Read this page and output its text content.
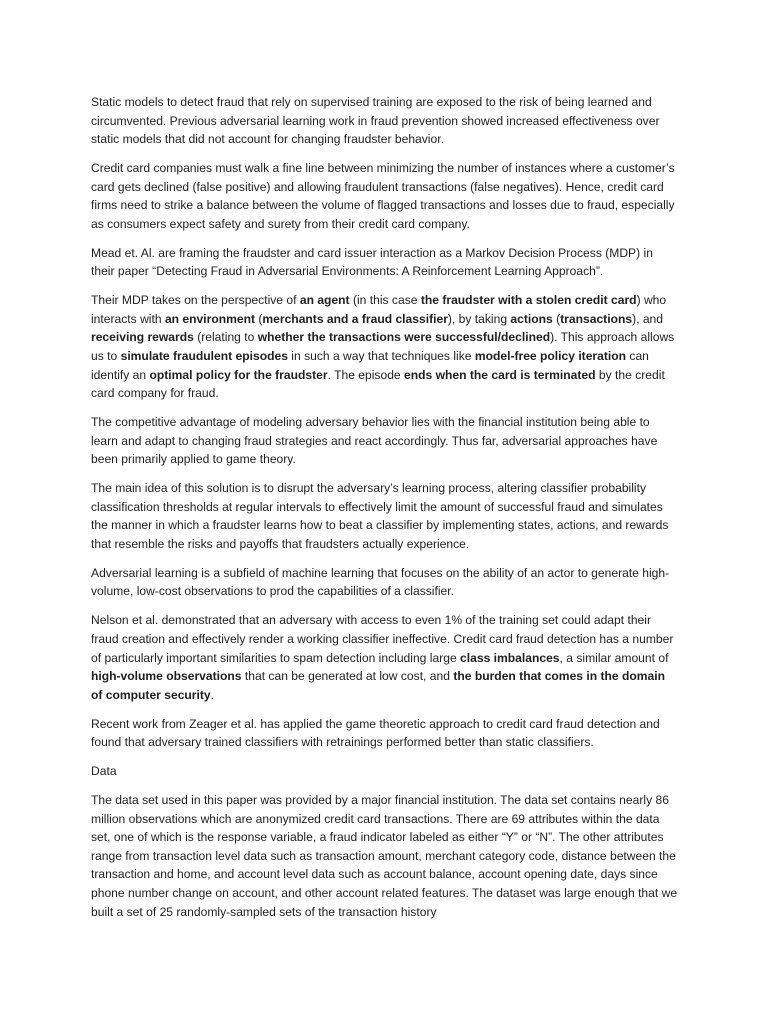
Static models to detect fraud that rely on supervised training are exposed to the risk of being learned and circumvented. Previous adversarial learning work in fraud prevention showed increased effectiveness over static models that did not account for changing fraudster behavior.

Credit card companies must walk a fine line between minimizing the number of instances where a customer’s card gets declined (false positive) and allowing fraudulent transactions (false negatives). Hence, credit card firms need to strike a balance between the volume of flagged transactions and losses due to fraud, especially as consumers expect safety and surety from their credit card company.

Mead et. Al. are framing the fraudster and card issuer interaction as a Markov Decision Process (MDP) in their paper “Detecting Fraud in Adversarial Environments: A Reinforcement Learning Approach”.

Their MDP takes on the perspective of an agent (in this case the fraudster with a stolen credit card) who interacts with an environment (merchants and a fraud classifier), by taking actions (transactions), and receiving rewards (relating to whether the transactions were successful/declined). This approach allows us to simulate fraudulent episodes in such a way that techniques like model-free policy iteration can identify an optimal policy for the fraudster. The episode ends when the card is terminated by the credit card company for fraud.

The competitive advantage of modeling adversary behavior lies with the financial institution being able to learn and adapt to changing fraud strategies and react accordingly. Thus far, adversarial approaches have been primarily applied to game theory.

The main idea of this solution is to disrupt the adversary’s learning process, altering classifier probability classification thresholds at regular intervals to effectively limit the amount of successful fraud and simulates the manner in which a fraudster learns how to beat a classifier by implementing states, actions, and rewards that resemble the risks and payoffs that fraudsters actually experience.

Adversarial learning is a subfield of machine learning that focuses on the ability of an actor to generate high-volume, low-cost observations to prod the capabilities of a classifier.

Nelson et al. demonstrated that an adversary with access to even 1% of the training set could adapt their fraud creation and effectively render a working classifier ineffective. Credit card fraud detection has a number of particularly important similarities to spam detection including large class imbalances, a similar amount of high-volume observations that can be generated at low cost, and the burden that comes in the domain of computer security.

Recent work from Zeager et al. has applied the game theoretic approach to credit card fraud detection and found that adversary trained classifiers with retrainings performed better than static classifiers.

Data

The data set used in this paper was provided by a major financial institution. The data set contains nearly 86 million observations which are anonymized credit card transactions. There are 69 attributes within the data set, one of which is the response variable, a fraud indicator labeled as either “Y” or “N”. The other attributes range from transaction level data such as transaction amount, merchant category code, distance between the transaction and home, and account level data such as account balance, account opening date, days since phone number change on account, and other account related features. The dataset was large enough that we built a set of 25 randomly-sampled sets of the transaction history
